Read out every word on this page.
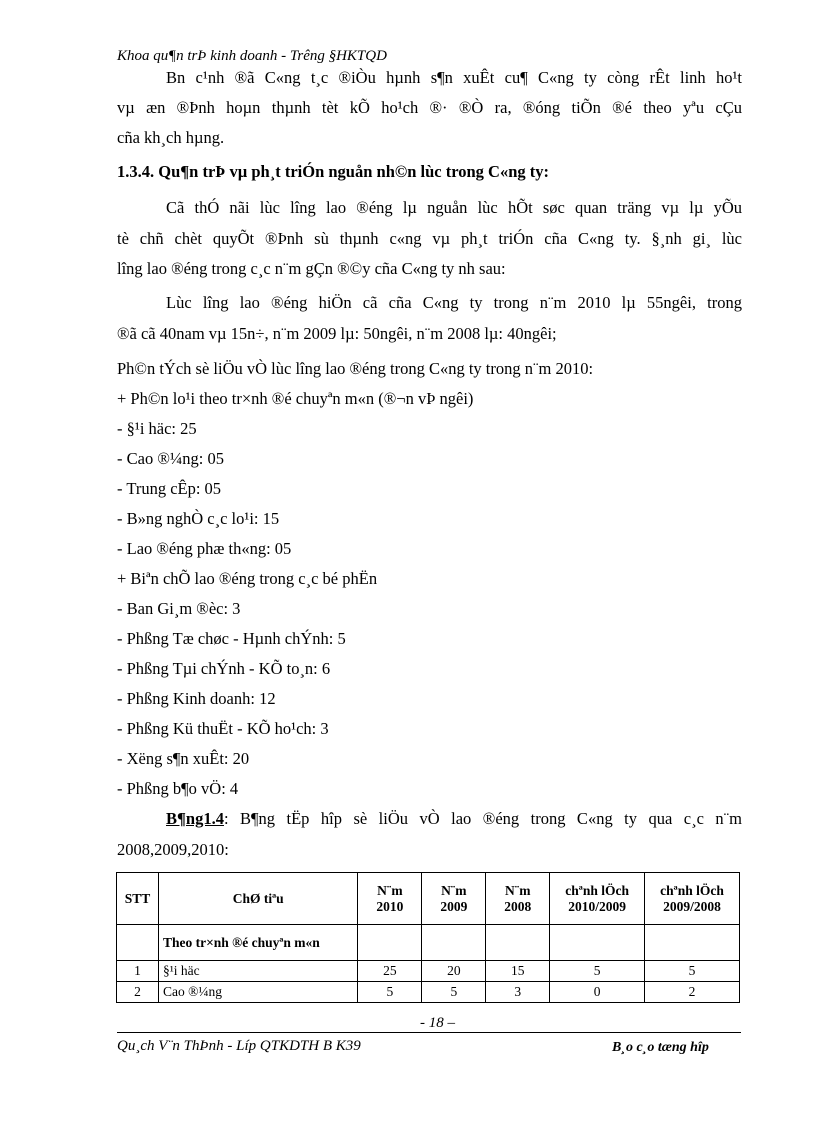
Khoa qu¶n trÞ kinh doanh - Trêng §HKTQD
Bn c¹nh ®ã C«ng t¸c ®iÒu hµnh s¶n xuÊt cu¶ C«ng ty còng rÊt linh ho¹t
vµ æn ®Þnh hoµn thµnh tèt kÕ ho¹ch ®· ®Ò ra, ®óng tiÕn ®é theo yªu cÇu
cña kh¸ch hµng.
1.3.4. Qu¶n trÞ vµ ph¸t triÓn nguån nh©n lùc trong C«ng ty:
Cã thÓ nãi lùc lîng lao ®éng lµ nguån lùc hÕt søc quan träng vµ lµ yÕu
tè chñ chèt quyÕt ®Þnh sù thµnh c«ng vµ ph¸t triÓn cña C«ng ty. §¸nh gi¸ lùc
lîng lao ®éng trong c¸c n¨m gÇn ®©y cña C«ng ty nh sau:
Lùc lîng lao ®éng hiÖn cã cña C«ng ty trong n¨m 2010 lµ 55ngêi, trong
®ã cã 40nam vµ 15n÷, n¨m 2009 lµ: 50ngêi, n¨m 2008 lµ: 40ngêi;
Ph©n tÝch sè liÖu vÒ lùc lîng lao ®éng trong C«ng ty trong n¨m 2010:
+ Ph©n lo¹i theo tr×nh ®é chuyªn m«n (®¬n vÞ ngêi)
- §¹i häc: 25
- Cao ®¼ng: 05
- Trung cÊp: 05
- B»ng nghÒ c¸c lo¹i: 15
- Lao ®éng phæ th«ng: 05
+ Biªn chÕ lao ®éng trong c¸c bé phËn
- Ban Gi¸m ®èc: 3
- Phßng Tæ chøc - Hµnh chÝnh: 5
- Phßng Tµi chÝnh - KÕ to¸n: 6
- Phßng Kinh doanh: 12
- Phßng Kü thuËt - KÕ ho¹ch: 3
- Xëng s¶n xuÊt: 20
- Phßng b¶o vÖ: 4
B¶ng1.4: B¶ng tËp hîp sè liÖu vÒ lao ®éng trong C«ng ty qua c¸c n¨m
2008,2009,2010:
STT	ChØ tiªu	N¨m 2010	N¨m 2009	N¨m 2008	chªnh lÖch 2010/2009	chªnh lÖch 2009/2008
	Theo tr×nh ®é chuyªn m«n					
1	§¹i häc	25	20	15	5	5
2	Cao ®¼ng	5	5	3	0	2
- 18 –
Qu¸ch V¨n ThÞnh - Líp QTKDTH B K39	B¸o c¸o tæng hîp
